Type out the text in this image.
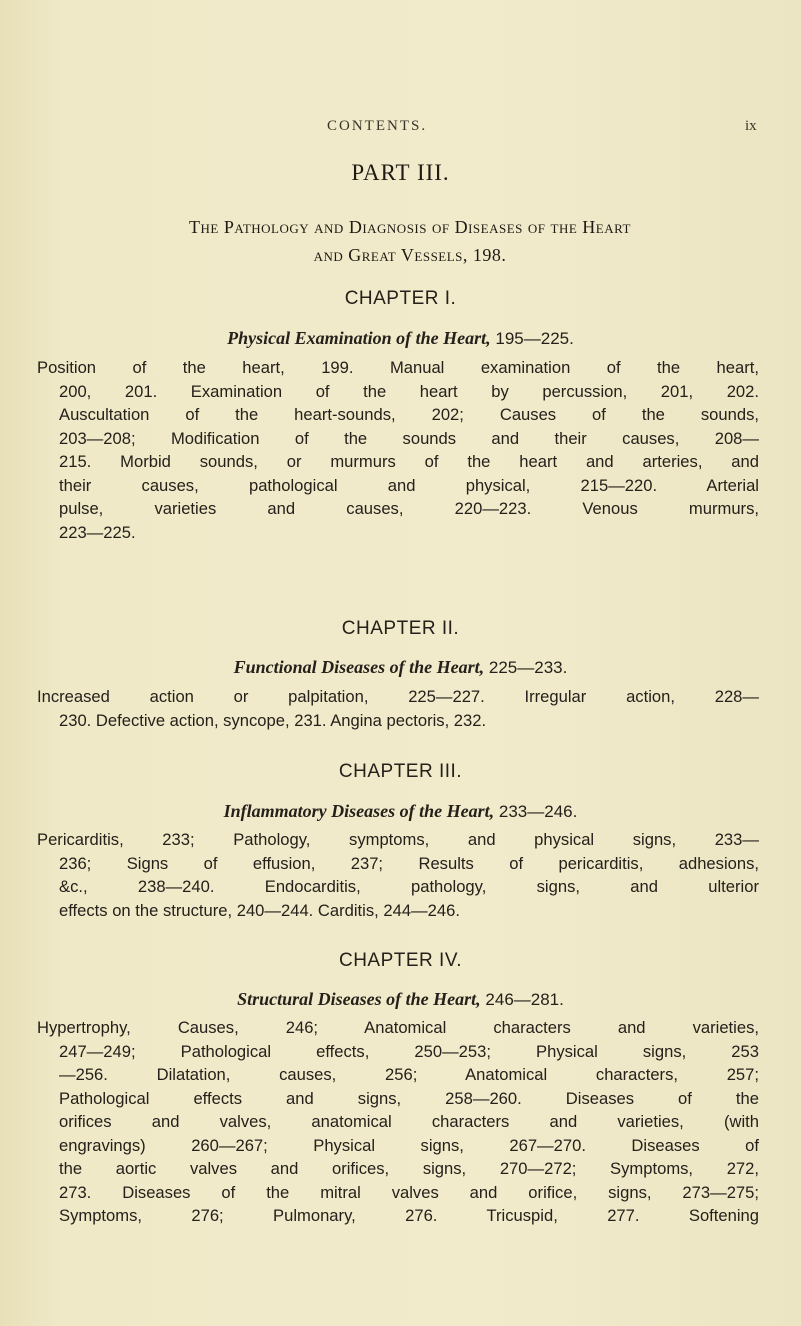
CONTENTS.	ix
PART III.
The Pathology and Diagnosis of Diseases of the Heart
and Great Vessels, 198.
CHAPTER I.
Physical Examination of the Heart, 195—225.
Position of the heart, 199. Manual examination of the heart,
200, 201. Examination of the heart by percussion, 201, 202.
Auscultation of the heart-sounds, 202; Causes of the sounds,
203—208; Modification of the sounds and their causes, 208—
215. Morbid sounds, or murmurs of the heart and arteries, and
their causes, pathological and physical, 215—220. Arterial
pulse, varieties and causes, 220—223. Venous murmurs,
223—225.
CHAPTER II.
Functional Diseases of the Heart, 225—233.
Increased action or palpitation, 225—227. Irregular action, 228—
230. Defective action, syncope, 231. Angina pectoris, 232.
CHAPTER III.
Inflammatory Diseases of the Heart, 233—246.
Pericarditis, 233; Pathology, symptoms, and physical signs, 233—
236; Signs of effusion, 237; Results of pericarditis, adhesions,
&c., 238—240. Endocarditis, pathology, signs, and ulterior
effects on the structure, 240—244. Carditis, 244—246.
CHAPTER IV.
Structural Diseases of the Heart, 246—281.
Hypertrophy, Causes, 246; Anatomical characters and varieties,
247—249; Pathological effects, 250—253; Physical signs, 253
—256. Dilatation, causes, 256; Anatomical characters, 257;
Pathological effects and signs, 258—260. Diseases of the
orifices and valves, anatomical characters and varieties, (with
engravings) 260—267; Physical signs, 267—270. Diseases of
the aortic valves and orifices, signs, 270—272; Symptoms, 272,
273. Diseases of the mitral valves and orifice, signs, 273—275;
Symptoms, 276; Pulmonary, 276. Tricuspid, 277. Softening
